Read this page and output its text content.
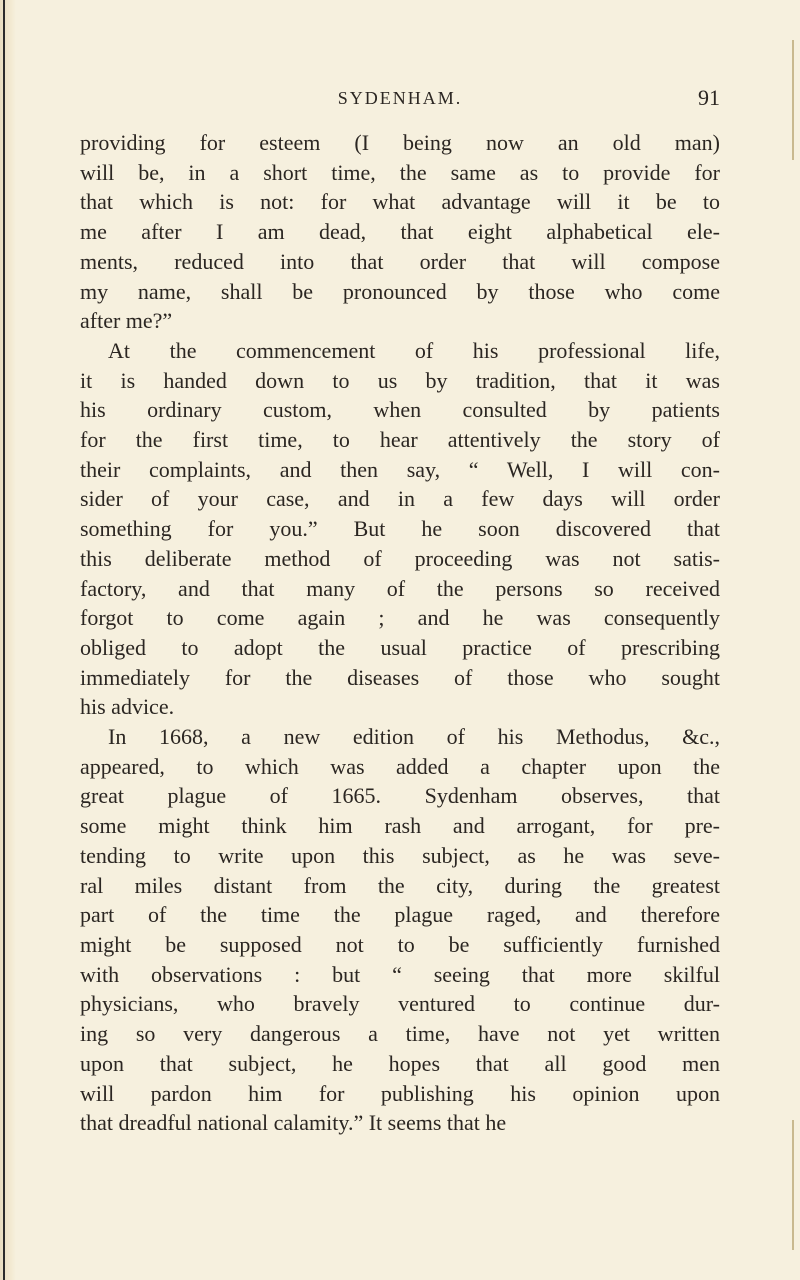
SYDENHAM.	91

providing for esteem (I being now an old man)
will be, in a short time, the same as to provide for
that which is not: for what advantage will it be to
me after I am dead, that eight alphabetical ele-
ments, reduced into that order that will compose
my name, shall be pronounced by those who come
after me?”

At the commencement of his professional life,
it is handed down to us by tradition, that it was
his ordinary custom, when consulted by patients
for the first time, to hear attentively the story of
their complaints, and then say, “ Well, I will con-
sider of your case, and in a few days will order
something for you.” But he soon discovered that
this deliberate method of proceeding was not satis-
factory, and that many of the persons so received
forgot to come again ; and he was consequently
obliged to adopt the usual practice of prescribing
immediately for the diseases of those who sought
his advice.

In 1668, a new edition of his Methodus, &c.,
appeared, to which was added a chapter upon the
great plague of 1665. Sydenham observes, that
some might think him rash and arrogant, for pre-
tending to write upon this subject, as he was seve-
ral miles distant from the city, during the greatest
part of the time the plague raged, and therefore
might be supposed not to be sufficiently furnished
with observations : but “ seeing that more skilful
physicians, who bravely ventured to continue dur-
ing so very dangerous a time, have not yet written
upon that subject, he hopes that all good men
will pardon him for publishing his opinion upon
that dreadful national calamity.” It seems that he
